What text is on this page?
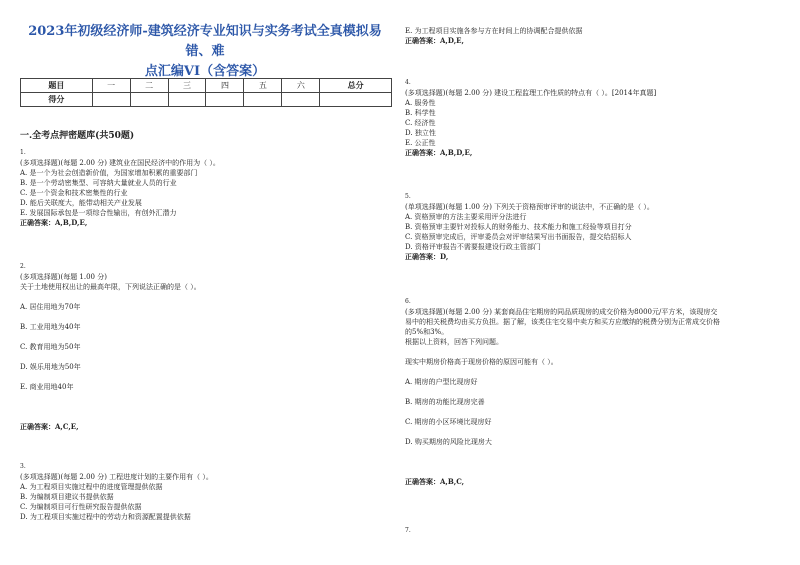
2023年初级经济师-建筑经济专业知识与实务考试全真模拟易错、难
点汇编VI（含答案）
题目	一	二	三	四	五	六	总分
得分							
一.全考点押密题库(共50题)
1.
(多项选择题)(每题 2.00 分) 建筑业在国民经济中的作用为（ ）。
A. 是一个为社会创造新价值，为国家增加积累的重要部门
B. 是一个劳动密集型、可容纳大量就业人员的行业
C. 是一个资金和技术密集性的行业
D. 能后关联度大，能带动相关产业发展
E. 发展国际承包是一项综合性输出，有创外汇潜力
正确答案：A,B,D,E,
2.
(多项选择题)(每题 1.00 分)
关于土地使用权出让的最高年限，下列说法正确的是（ ）。
A. 居住用地为70年
B. 工业用地为40年
C. 教育用地为50年
D. 娱乐用地为50年
E. 商业用地40年
正确答案：A,C,E,
3.
(多项选择题)(每题 2.00 分) 工程进度计划的主要作用有（ ）。
A. 为工程项目实施过程中的进度管理提供依据
B. 为编制项目建议书提供依据
C. 为编制项目可行性研究报告提供依据
D. 为工程项目实施过程中的劳动力和资源配置提供依据
E. 为工程项目实施各参与方在时间上的协调配合提供依据
正确答案：A,D,E,
4.
(多项选择题)(每题 2.00 分) 建设工程监理工作性质的特点有（ ）。[2014年真题]
A. 服务性
B. 科学性
C. 经济性
D. 独立性
E. 公正性
正确答案：A,B,D,E,
5.
(单项选择题)(每题 1.00 分) 下列关于资格预审评审的说法中，不正确的是（ ）。
A. 资格预审的方法主要采用评分法进行
B. 资格预审主要针对投标人的财务能力、技术能力和施工经验等项目打分
C. 资格预审完成后，评审委员会对评审结果写出书面报告，提交给招标人
D. 资格评审报告不需要报建设行政主管部门
正确答案：D,
6.
(多项选择题)(每题 2.00 分) 某套商品住宅期房的同品质现房的成交价格为8000元/平方米，该现房交
易中的相关税费均由买方负担。据了解，该类住宅交易中卖方和买方应缴纳的税费分别为正常成交价格
的5%和3%。
根据以上资料，回答下列问题。
现实中期房价格高于现房价格的原因可能有（ ）。
A. 期房的户型比现房好
B. 期房的功能比现房完善
C. 期房的小区环境比现房好
D. 购买期房的风险比现房大
正确答案：A,B,C,
7.
